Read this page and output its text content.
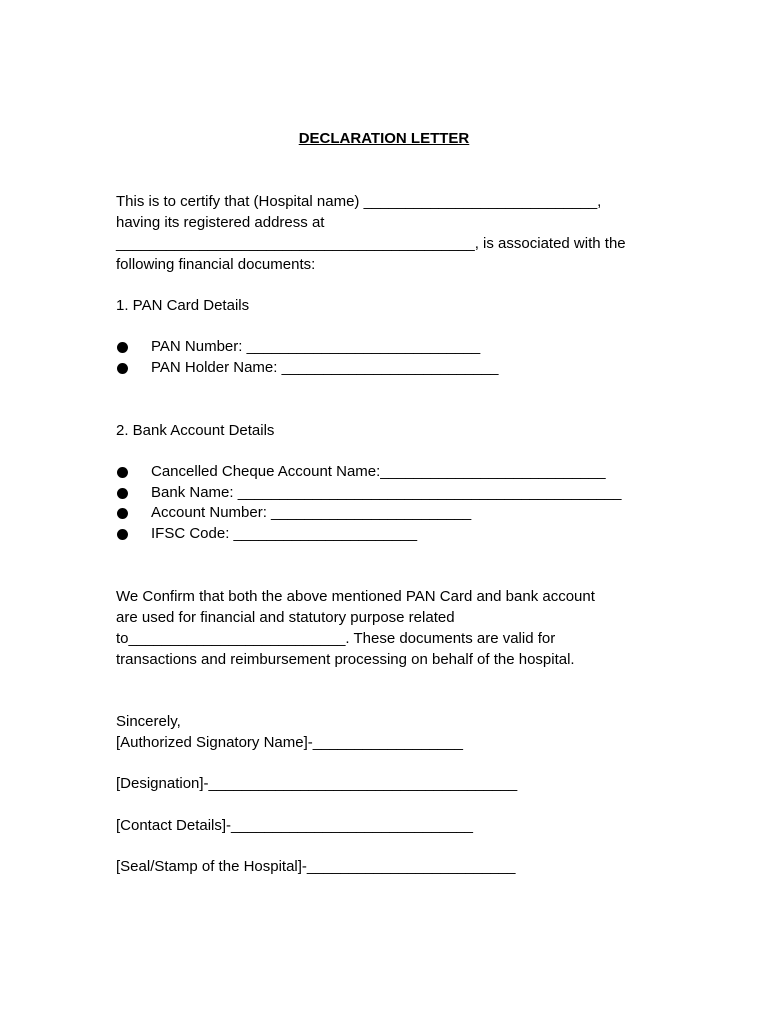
DECLARATION LETTER
This is to certify that (Hospital name) ____________________________,
having its registered address at
___________________________________________, is associated with the
following financial documents:
1. PAN Card Details
PAN Number: ____________________________
PAN Holder Name: __________________________
2. Bank Account Details
Cancelled Cheque Account Name:___________________________
Bank Name: ______________________________________________
Account Number: ________________________
IFSC Code: ______________________
We Confirm that both the above mentioned PAN Card and bank account
are used for financial and statutory purpose related
to__________________________. These documents are valid for
transactions and reimbursement processing on behalf of the hospital.
Sincerely,
[Authorized Signatory Name]-__________________
[Designation]-_____________________________________
[Contact Details]-_____________________________
[Seal/Stamp of the Hospital]-_________________________
